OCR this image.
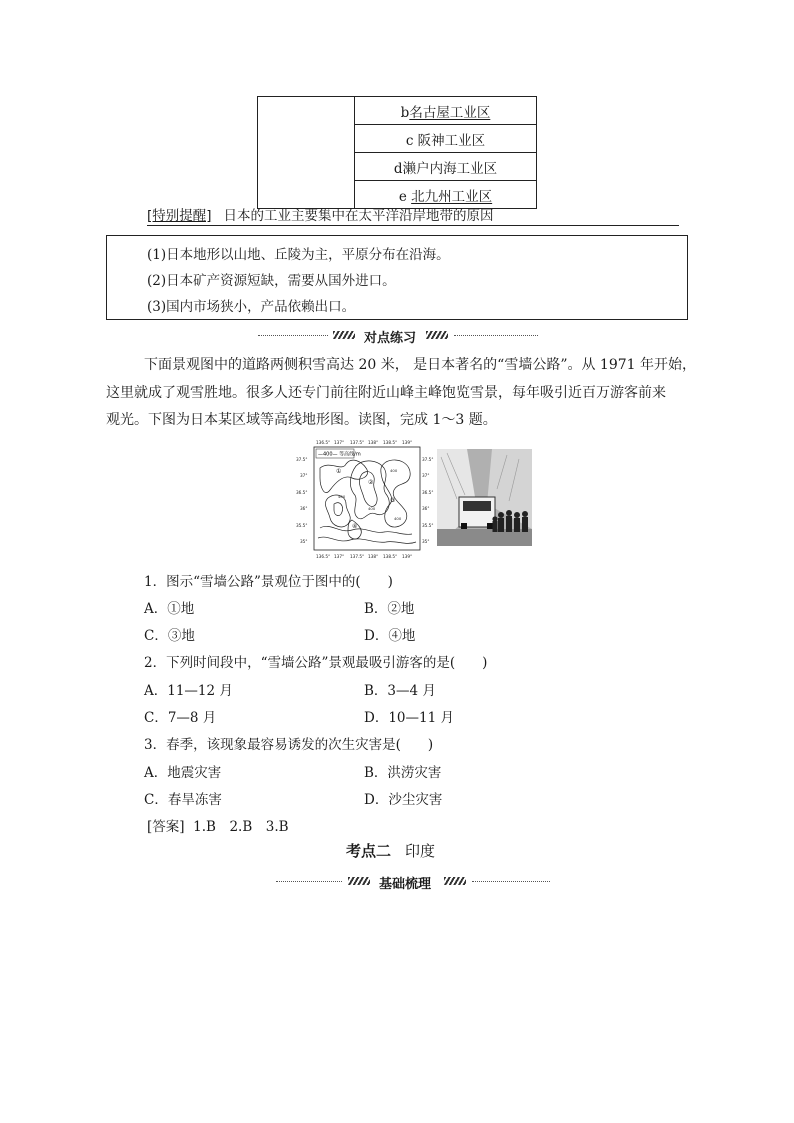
	b名古屋工业区
c 阪神工业区
d濑户内海工业区
e 北九州工业区
[特别提醒] 日本的工业主要集中在太平洋沿岸地带的原因
(1)日本地形以山地、丘陵为主，平原分布在沿海。
(2)日本矿产资源短缺，需要从国外进口。
(3)国内市场狭小，产品依赖出口。
对点练习
下面景观图中的道路两侧积雪高达 20 米， 是日本著名的“雪墙公路”。从 1971 年开始，
这里就成了观雪胜地。很多人还专门前往附近山峰主峰饱览雪景，每年吸引近百万游客前来
观光。下图为日本某区域等高线地形图。读图，完成 1～3 题。
136.5° 137° 137.5° 138° 138.5° 139°
136.5° 137° 137.5° 138° 138.5° 139°
37.5°
37°
36.5°
36°
35.5°
35°
37.5°
37°
36.5°
36°
35.5°
35°
—400— 等高线/m
400
400
400
400
①
②
③
④
1．图示“雪墙公路”景观位于图中的(　　)
A．①地	B．②地
C．③地	D．④地
2．下列时间段中，“雪墙公路”景观最吸引游客的是(　　)
A．11—12 月	B．3—4 月
C．7—8 月	D．10—11 月
3．春季，该现象最容易诱发的次生灾害是(　　)
A．地震灾害	B．洪涝灾害
C．春旱冻害	D．沙尘灾害
[答案] 1.B　2.B　3.B
考点二 印度
基础梳理
